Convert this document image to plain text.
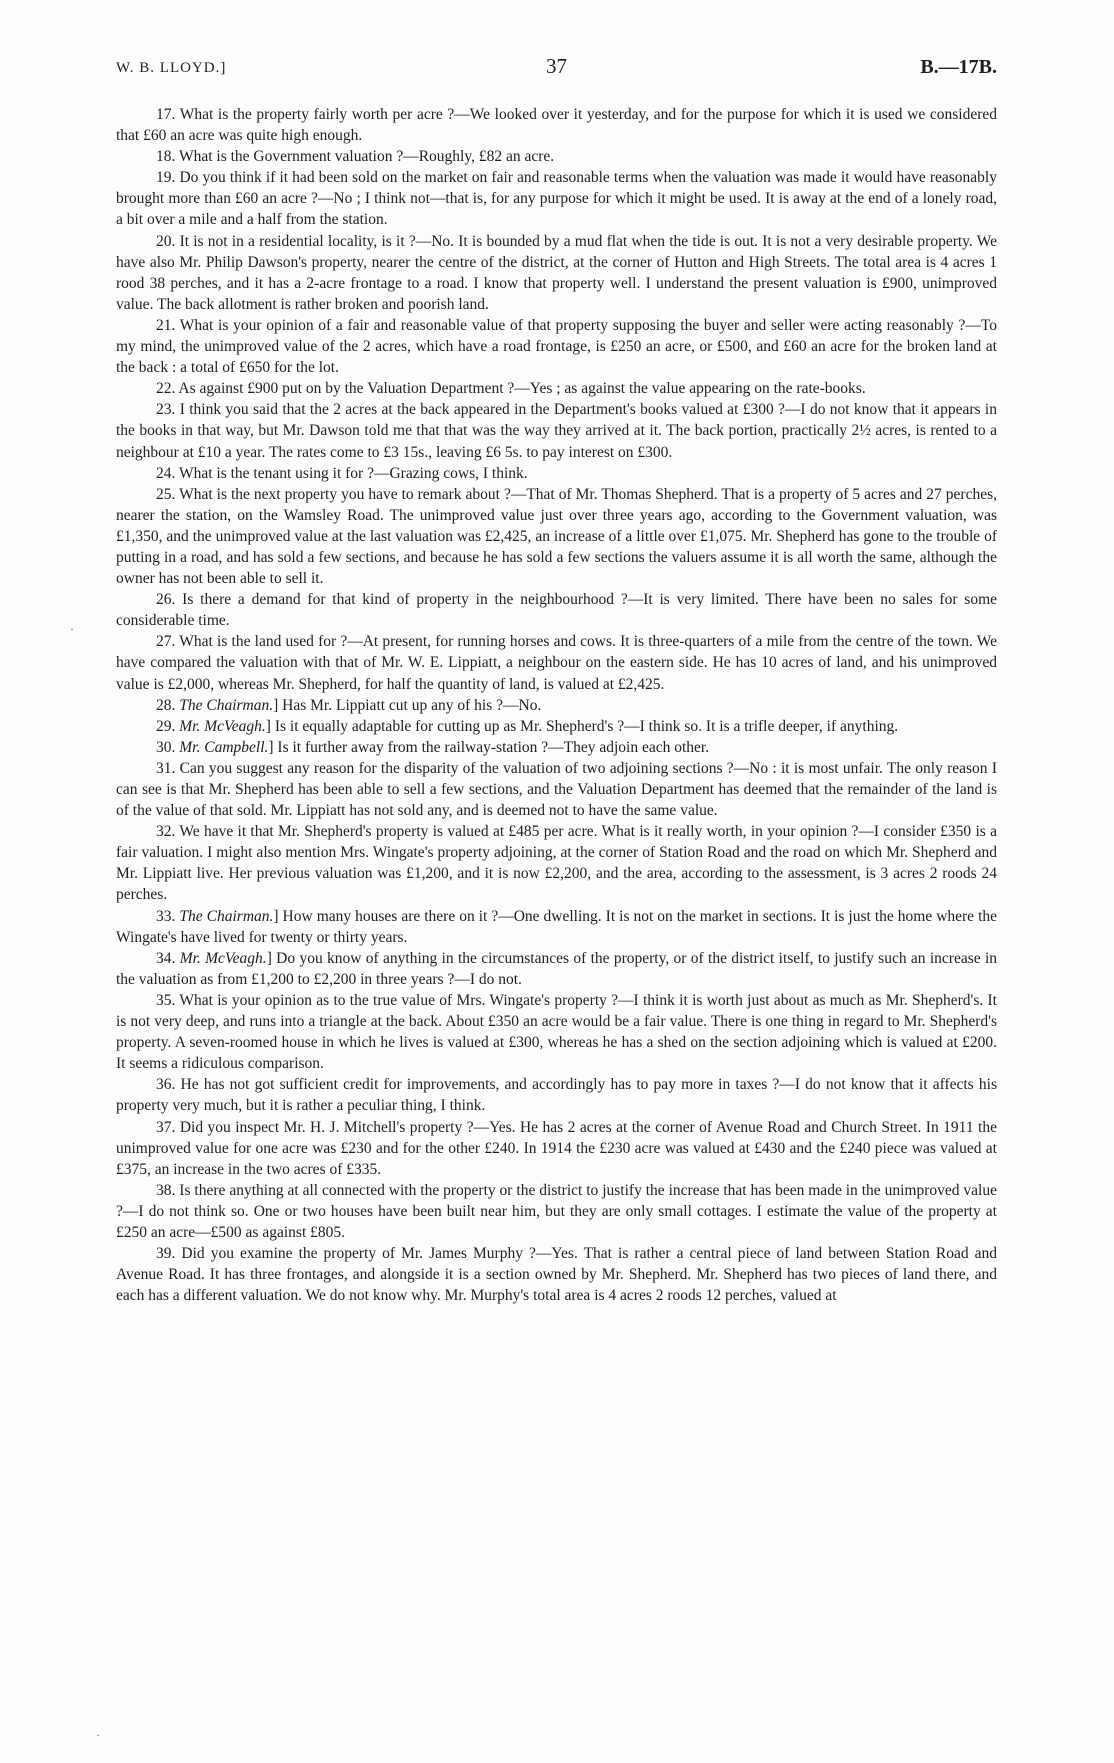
W. B. LLOYD.]	37	B.—17B.

17. What is the property fairly worth per acre ?—We looked over it yesterday, and for the purpose for which it is used we considered that £60 an acre was quite high enough.

18. What is the Government valuation ?—Roughly, £82 an acre.

19. Do you think if it had been sold on the market on fair and reasonable terms when the valuation was made it would have reasonably brought more than £60 an acre ?—No ; I think not—that is, for any purpose for which it might be used. It is away at the end of a lonely road, a bit over a mile and a half from the station.

20. It is not in a residential locality, is it ?—No. It is bounded by a mud flat when the tide is out. It is not a very desirable property. We have also Mr. Philip Dawson's property, nearer the centre of the district, at the corner of Hutton and High Streets. The total area is 4 acres 1 rood 38 perches, and it has a 2-acre frontage to a road. I know that property well. I understand the present valuation is £900, unimproved value. The back allotment is rather broken and poorish land.

21. What is your opinion of a fair and reasonable value of that property supposing the buyer and seller were acting reasonably ?—To my mind, the unimproved value of the 2 acres, which have a road frontage, is £250 an acre, or £500, and £60 an acre for the broken land at the back : a total of £650 for the lot.

22. As against £900 put on by the Valuation Department ?—Yes ; as against the value appearing on the rate-books.

23. I think you said that the 2 acres at the back appeared in the Department's books valued at £300 ?—I do not know that it appears in the books in that way, but Mr. Dawson told me that that was the way they arrived at it. The back portion, practically 2½ acres, is rented to a neighbour at £10 a year. The rates come to £3 15s., leaving £6 5s. to pay interest on £300.

24. What is the tenant using it for ?—Grazing cows, I think.

25. What is the next property you have to remark about ?—That of Mr. Thomas Shepherd. That is a property of 5 acres and 27 perches, nearer the station, on the Wamsley Road. The unimproved value just over three years ago, according to the Government valuation, was £1,350, and the unimproved value at the last valuation was £2,425, an increase of a little over £1,075. Mr. Shepherd has gone to the trouble of putting in a road, and has sold a few sections, and because he has sold a few sections the valuers assume it is all worth the same, although the owner has not been able to sell it.

26. Is there a demand for that kind of property in the neighbourhood ?—It is very limited. There have been no sales for some considerable time.

27. What is the land used for ?—At present, for running horses and cows. It is three-quarters of a mile from the centre of the town. We have compared the valuation with that of Mr. W. E. Lippiatt, a neighbour on the eastern side. He has 10 acres of land, and his unimproved value is £2,000, whereas Mr. Shepherd, for half the quantity of land, is valued at £2,425.

28. The Chairman.] Has Mr. Lippiatt cut up any of his ?—No.

29. Mr. McVeagh.] Is it equally adaptable for cutting up as Mr. Shepherd's ?—I think so. It is a trifle deeper, if anything.

30. Mr. Campbell.] Is it further away from the railway-station ?—They adjoin each other.

31. Can you suggest any reason for the disparity of the valuation of two adjoining sections ?—No : it is most unfair. The only reason I can see is that Mr. Shepherd has been able to sell a few sections, and the Valuation Department has deemed that the remainder of the land is of the value of that sold. Mr. Lippiatt has not sold any, and is deemed not to have the same value.

32. We have it that Mr. Shepherd's property is valued at £485 per acre. What is it really worth, in your opinion ?—I consider £350 is a fair valuation. I might also mention Mrs. Wingate's property adjoining, at the corner of Station Road and the road on which Mr. Shepherd and Mr. Lippiatt live. Her previous valuation was £1,200, and it is now £2,200, and the area, according to the assessment, is 3 acres 2 roods 24 perches.

33. The Chairman.] How many houses are there on it ?—One dwelling. It is not on the market in sections. It is just the home where the Wingate's have lived for twenty or thirty years.

34. Mr. McVeagh.] Do you know of anything in the circumstances of the property, or of the district itself, to justify such an increase in the valuation as from £1,200 to £2,200 in three years ?—I do not.

35. What is your opinion as to the true value of Mrs. Wingate's property ?—I think it is worth just about as much as Mr. Shepherd's. It is not very deep, and runs into a triangle at the back. About £350 an acre would be a fair value. There is one thing in regard to Mr. Shepherd's property. A seven-roomed house in which he lives is valued at £300, whereas he has a shed on the section adjoining which is valued at £200. It seems a ridiculous comparison.

36. He has not got sufficient credit for improvements, and accordingly has to pay more in taxes ?—I do not know that it affects his property very much, but it is rather a peculiar thing, I think.

37. Did you inspect Mr. H. J. Mitchell's property ?—Yes. He has 2 acres at the corner of Avenue Road and Church Street. In 1911 the unimproved value for one acre was £230 and for the other £240. In 1914 the £230 acre was valued at £430 and the £240 piece was valued at £375, an increase in the two acres of £335.

38. Is there anything at all connected with the property or the district to justify the increase that has been made in the unimproved value ?—I do not think so. One or two houses have been built near him, but they are only small cottages. I estimate the value of the property at £250 an acre—£500 as against £805.

39. Did you examine the property of Mr. James Murphy ?—Yes. That is rather a central piece of land between Station Road and Avenue Road. It has three frontages, and alongside it is a section owned by Mr. Shepherd. Mr. Shepherd has two pieces of land there, and each has a different valuation. We do not know why. Mr. Murphy's total area is 4 acres 2 roods 12 perches, valued at

·
·
